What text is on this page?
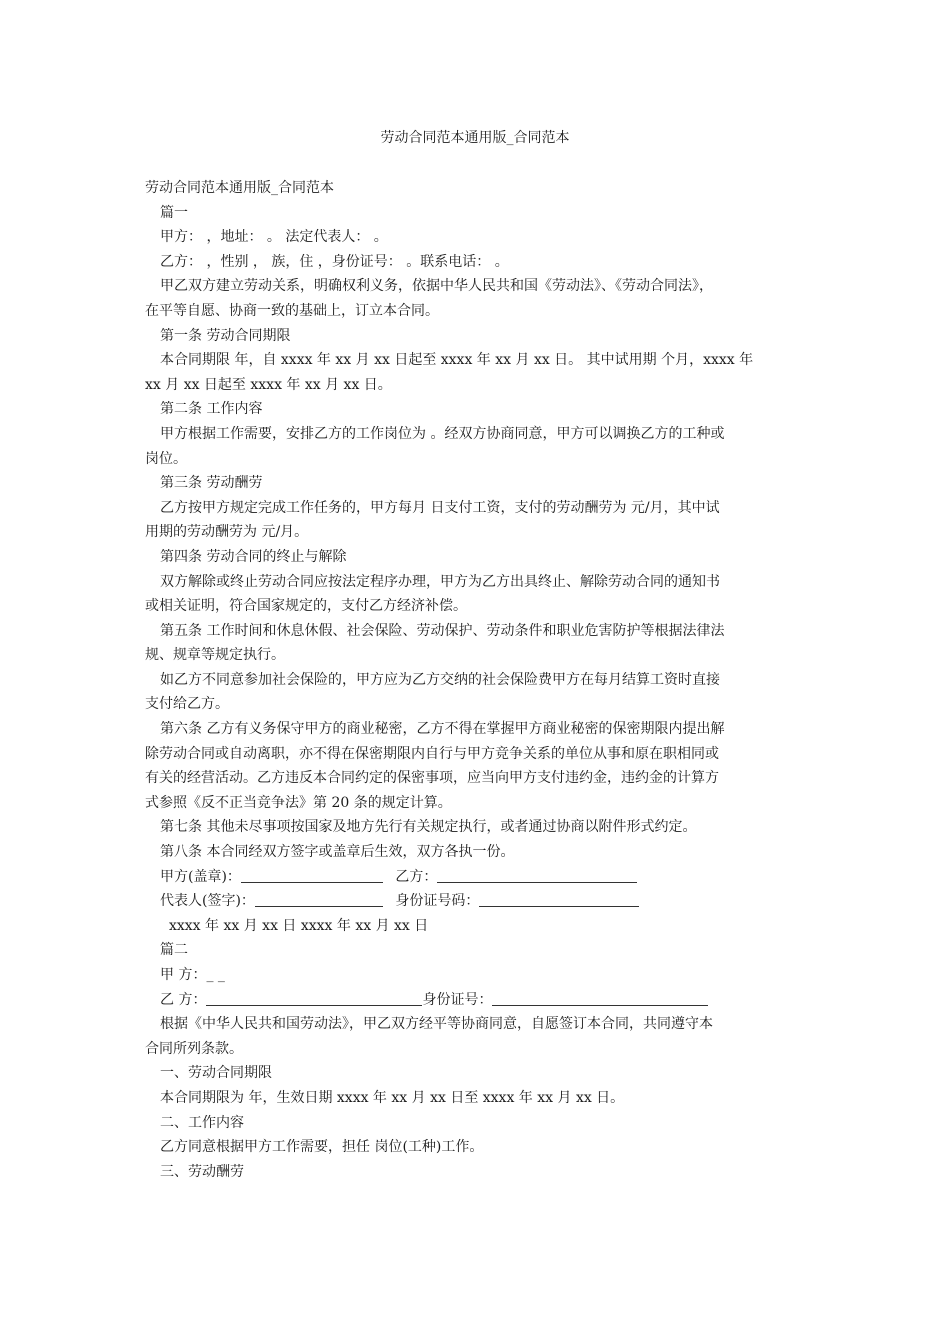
劳动合同范本通用版_合同范本
劳动合同范本通用版_合同范本
篇一
甲方： ，地址： 。 法定代表人： 。
乙方： ，性别 ， 族，住 ，身份证号： 。联系电话： 。
甲乙双方建立劳动关系，明确权利义务，依据中华人民共和国《劳动法》、《劳动合同法》，
在平等自愿、协商一致的基础上，订立本合同。
第一条 劳动合同期限
本合同期限 年，自 xxxx 年 xx 月 xx 日起至 xxxx 年 xx 月 xx 日。 其中试用期 个月，xxxx 年
xx 月 xx 日起至 xxxx 年 xx 月 xx 日。
第二条 工作内容
甲方根据工作需要，安排乙方的工作岗位为 。经双方协商同意，甲方可以调换乙方的工种或
岗位。
第三条 劳动酬劳
乙方按甲方规定完成工作任务的，甲方每月 日支付工资，支付的劳动酬劳为 元/月，其中试
用期的劳动酬劳为 元/月。
第四条 劳动合同的终止与解除
双方解除或终止劳动合同应按法定程序办理，甲方为乙方出具终止、解除劳动合同的通知书
或相关证明，符合国家规定的，支付乙方经济补偿。
第五条 工作时间和休息休假、社会保险、劳动保护、劳动条件和职业危害防护等根据法律法
规、规章等规定执行。
如乙方不同意参加社会保险的，甲方应为乙方交纳的社会保险费甲方在每月结算工资时直接
支付给乙方。
第六条 乙方有义务保守甲方的商业秘密，乙方不得在掌握甲方商业秘密的保密期限内提出解
除劳动合同或自动离职，亦不得在保密期限内自行与甲方竞争关系的单位从事和原在职相同或
有关的经营活动。乙方违反本合同约定的保密事项，应当向甲方支付违约金，违约金的计算方
式参照《反不正当竞争法》第 20 条的规定计算。
第七条 其他未尽事项按国家及地方先行有关规定执行，或者通过协商以附件形式约定。
第八条 本合同经双方签字或盖章后生效，双方各执一份。
甲方(盖章)：	乙方：
代表人(签字)：	身份证号码：
xxxx 年 xx 月 xx 日 xxxx 年 xx 月 xx 日
篇二
甲 方：_ _
乙 方：	身份证号：
根据《中华人民共和国劳动法》，甲乙双方经平等协商同意，自愿签订本合同，共同遵守本
合同所列条款。
一、劳动合同期限
本合同期限为 年，生效日期 xxxx 年 xx 月 xx 日至 xxxx 年 xx 月 xx 日。
二、工作内容
乙方同意根据甲方工作需要，担任 岗位(工种)工作。
三、劳动酬劳
